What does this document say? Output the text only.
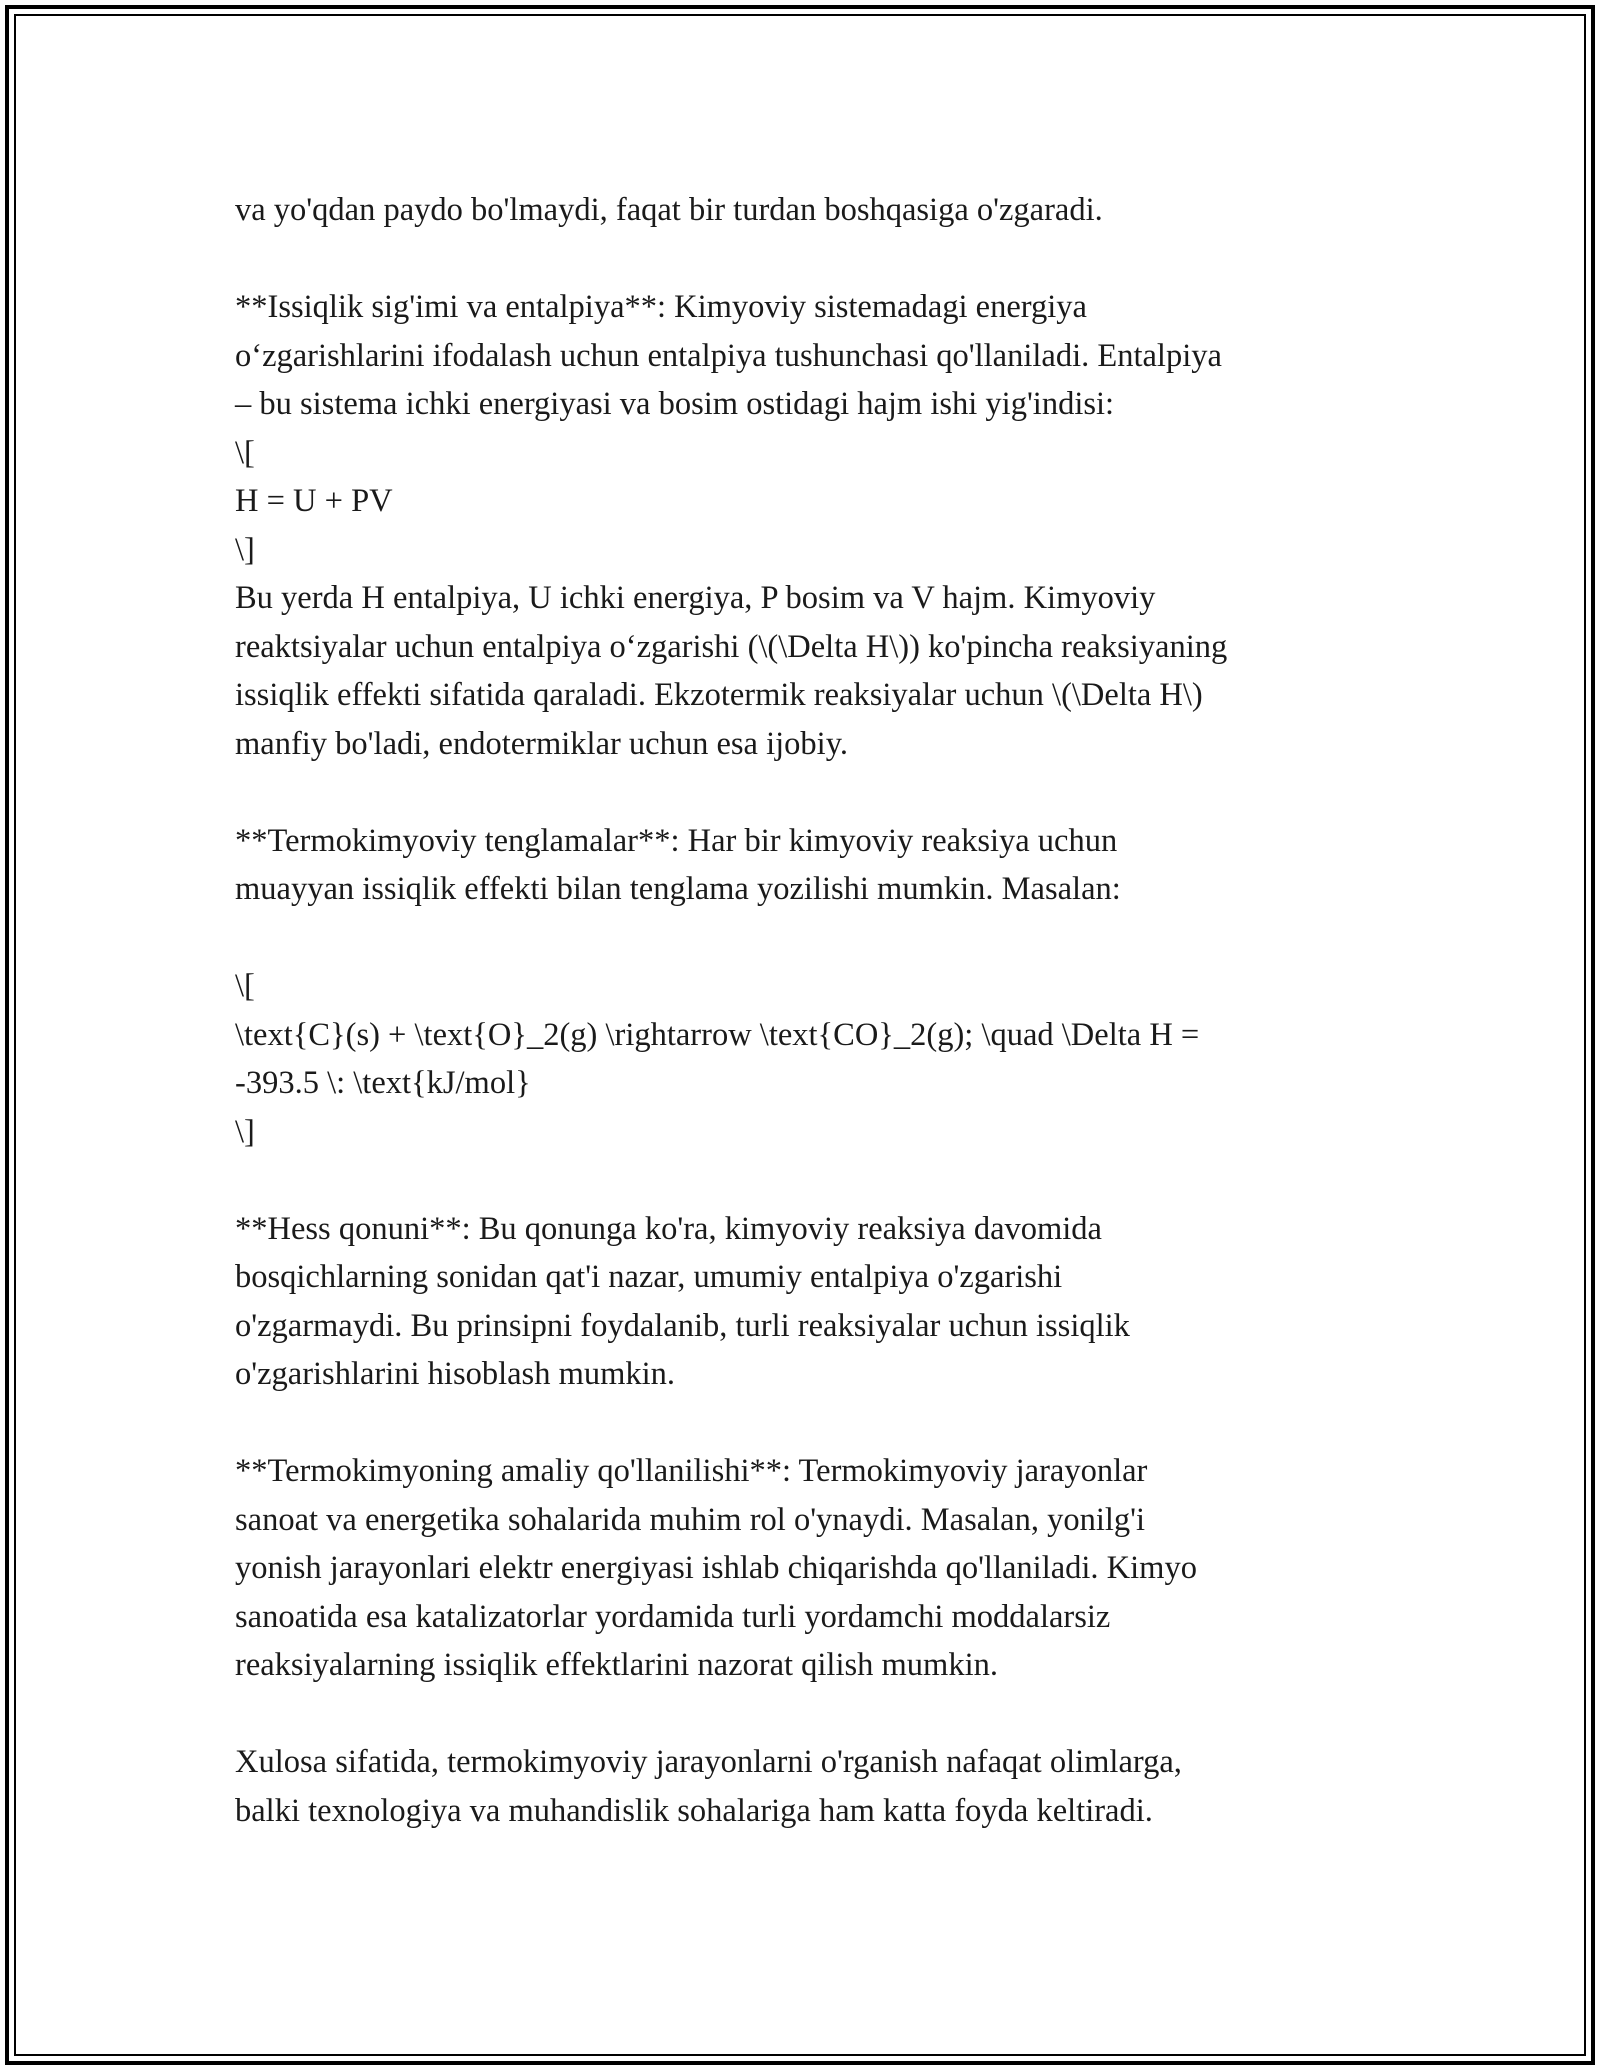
va yo'qdan paydo bo'lmaydi, faqat bir turdan boshqasiga o'zgaradi.
**Issiqlik sig'imi va entalpiya**: Kimyoviy sistemadagi energiya
o‘zgarishlarini ifodalash uchun entalpiya tushunchasi qo'llaniladi. Entalpiya
– bu sistema ichki energiyasi va bosim ostidagi hajm ishi yig'indisi:
\[
H = U + PV
\]
Bu yerda H entalpiya, U ichki energiya, P bosim va V hajm. Kimyoviy
reaktsiyalar uchun entalpiya o‘zgarishi (\(\Delta H\)) ko'pincha reaksiyaning
issiqlik effekti sifatida qaraladi. Ekzotermik reaksiyalar uchun \(\Delta H\)
manfiy bo'ladi, endotermiklar uchun esa ijobiy.
**Termokimyoviy tenglamalar**: Har bir kimyoviy reaksiya uchun
muayyan issiqlik effekti bilan tenglama yozilishi mumkin. Masalan:
\[
\text{C}(s) + \text{O}_2(g) \rightarrow \text{CO}_2(g); \quad \Delta H =
-393.5 \: \text{kJ/mol}
\]
**Hess qonuni**: Bu qonunga ko'ra, kimyoviy reaksiya davomida
bosqichlarning sonidan qat'i nazar, umumiy entalpiya o'zgarishi
o'zgarmaydi. Bu prinsipni foydalanib, turli reaksiyalar uchun issiqlik
o'zgarishlarini hisoblash mumkin.
**Termokimyoning amaliy qo'llanilishi**: Termokimyoviy jarayonlar
sanoat va energetika sohalarida muhim rol o'ynaydi. Masalan, yonilg'i
yonish jarayonlari elektr energiyasi ishlab chiqarishda qo'llaniladi. Kimyo
sanoatida esa katalizatorlar yordamida turli yordamchi moddalarsiz
reaksiyalarning issiqlik effektlarini nazorat qilish mumkin.
Xulosa sifatida, termokimyoviy jarayonlarni o'rganish nafaqat olimlarga,
balki texnologiya va muhandislik sohalariga ham katta foyda keltiradi.
